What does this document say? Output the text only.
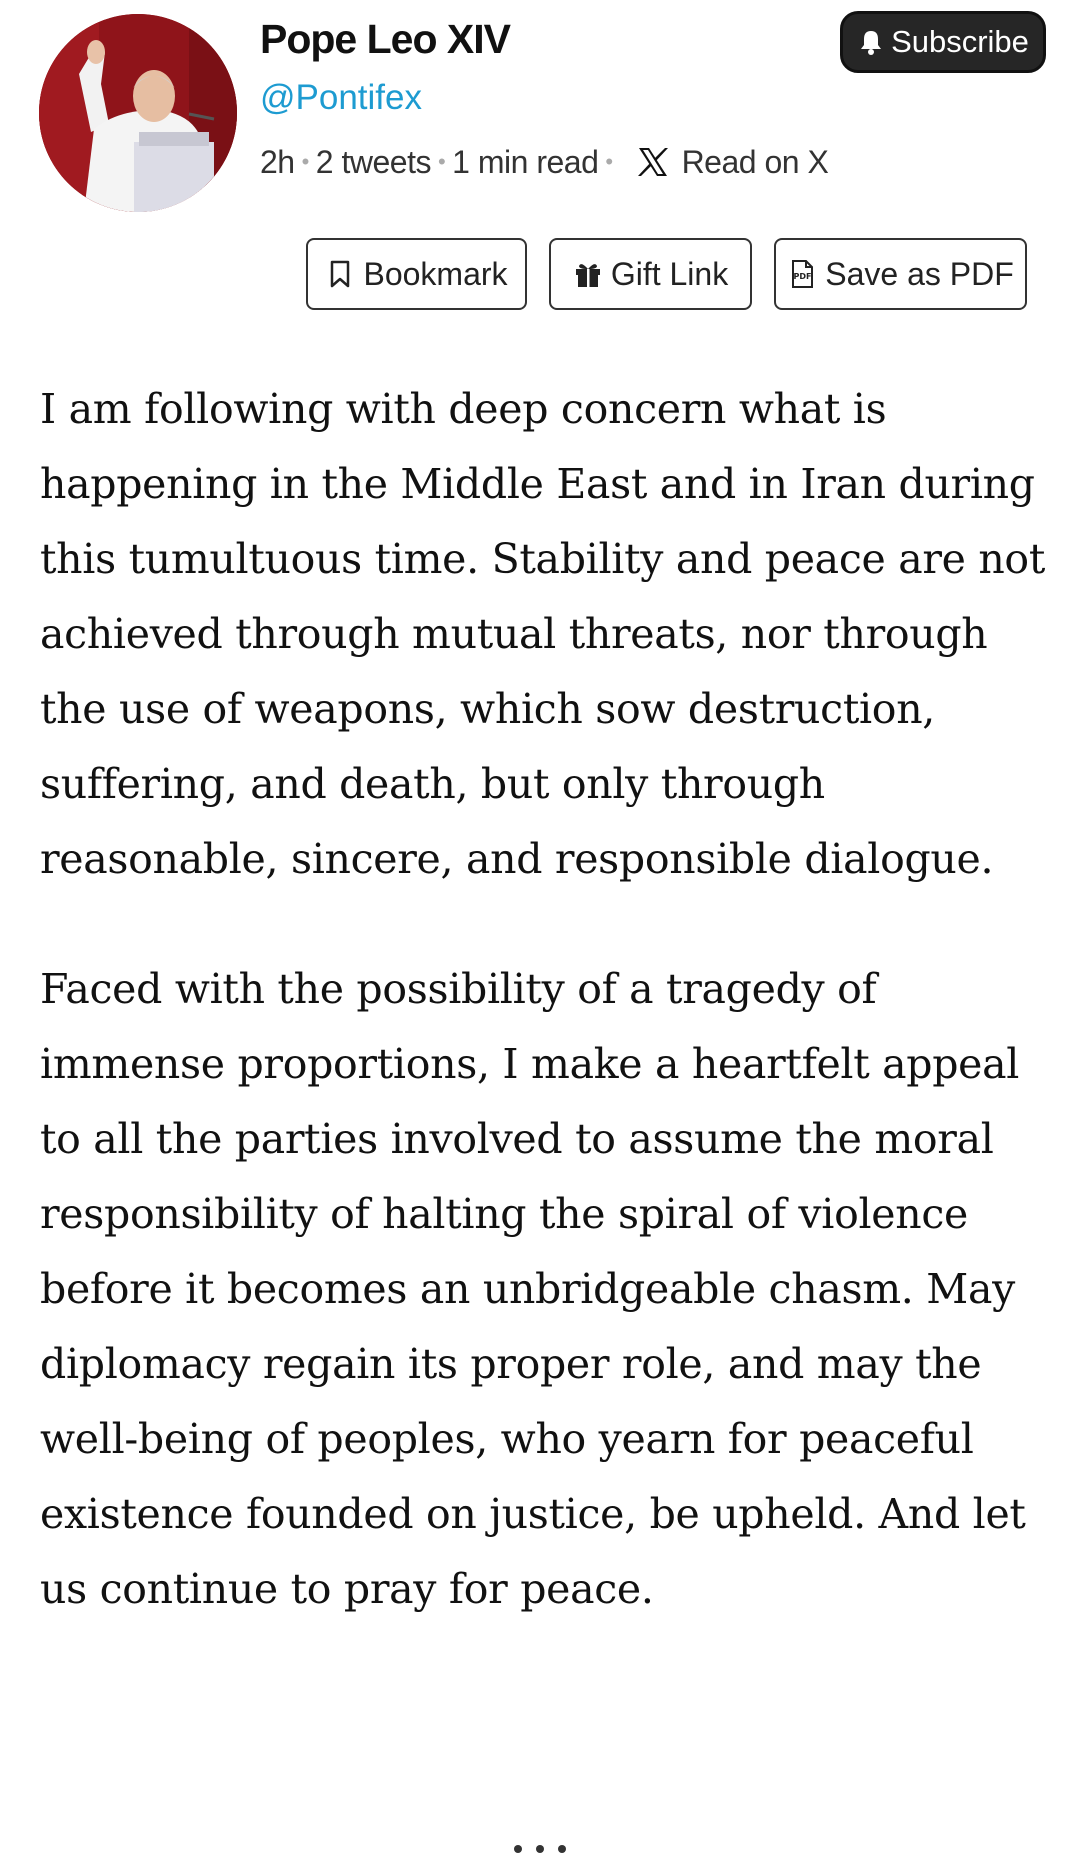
Pope Leo XIV
@Pontifex
2h • 2 tweets • 1 min read • Read on X
Subscribe
Bookmark	Gift Link	PDF Save as PDF

I am following with deep concern what is happening in the Middle East and in Iran during this tumultuous time. Stability and peace are not achieved through mutual threats, nor through the use of weapons, which sow destruction, suffering, and death, but only through reasonable, sincere, and responsible dialogue.

Faced with the possibility of a tragedy of immense proportions, I make a heartfelt appeal to all the parties involved to assume the moral responsibility of halting the spiral of violence before it becomes an unbridgeable chasm. May diplomacy regain its proper role, and may the well-being of peoples, who yearn for peaceful existence founded on justice, be upheld. And let us continue to pray for peace.
